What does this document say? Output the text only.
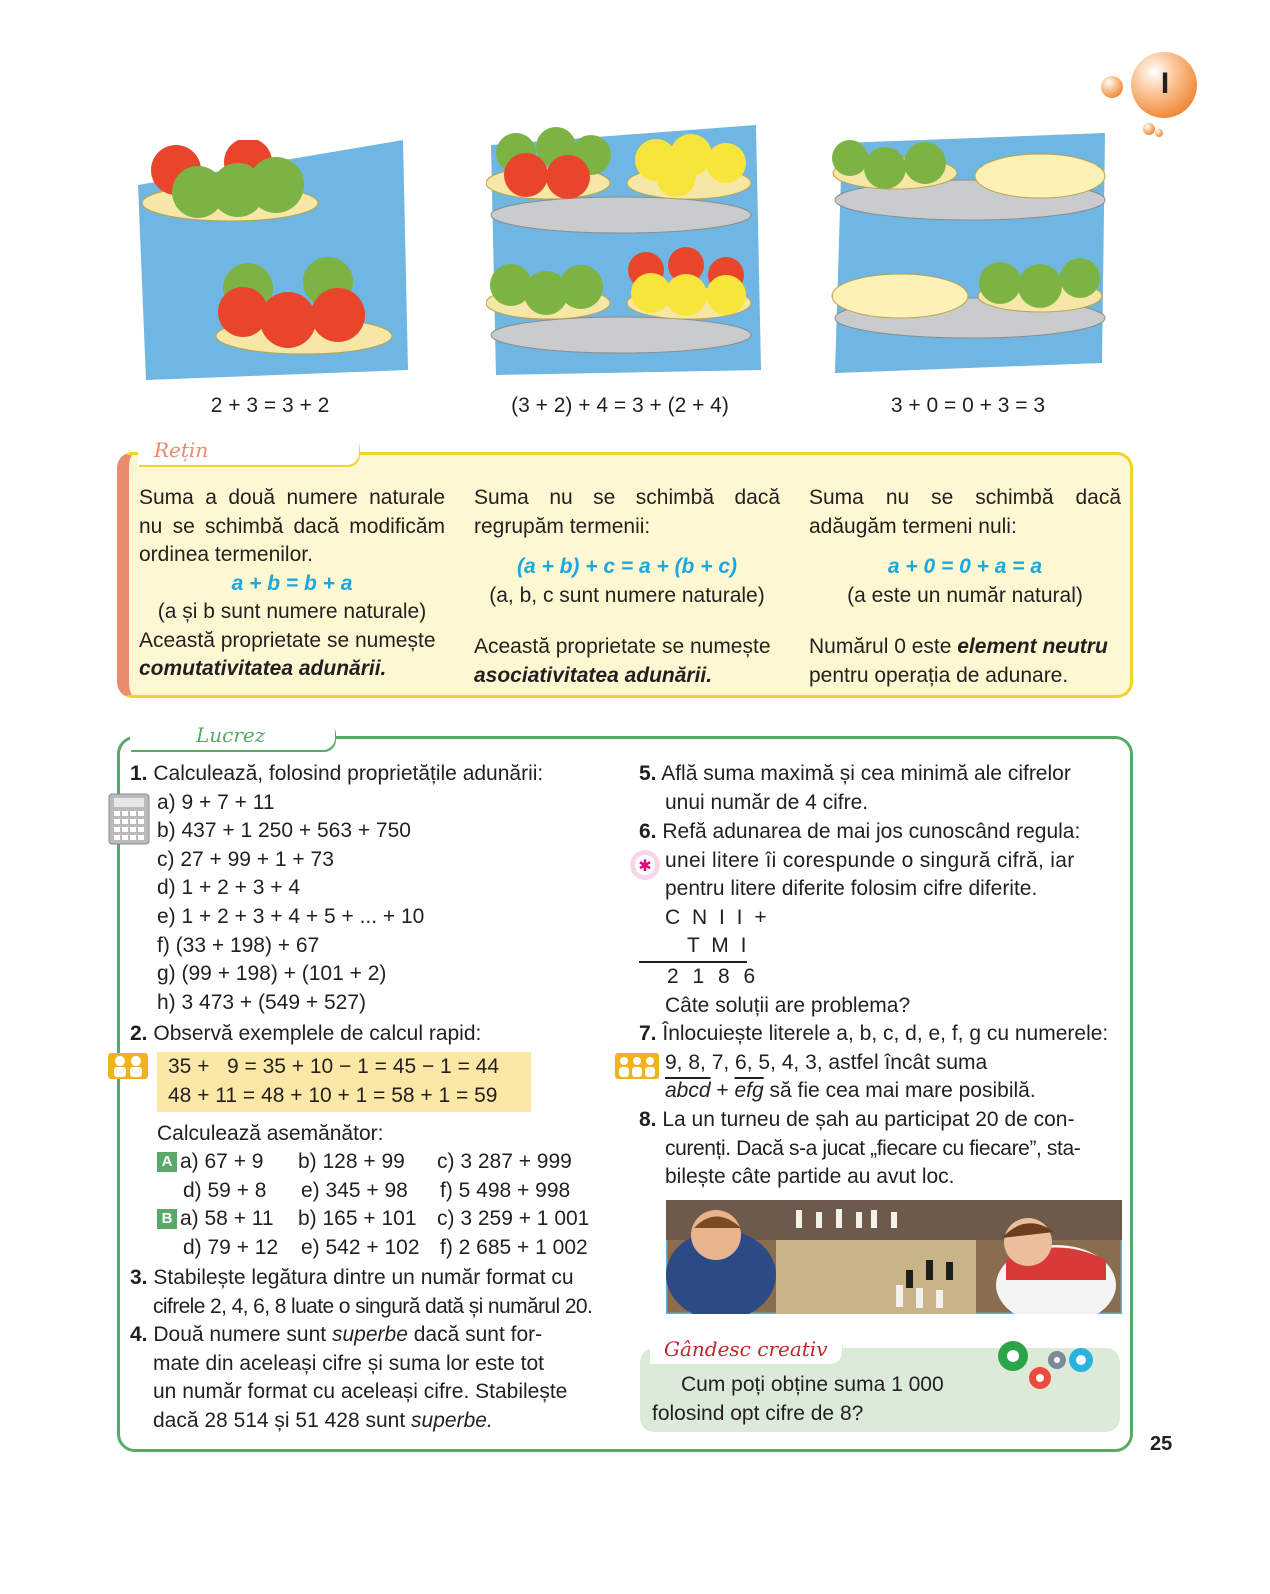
I
2 + 3 = 3 + 2	(3 + 2) + 4 = 3 + (2 + 4)	3 + 0 = 0 + 3 = 3
Rețin
Suma a două numere naturale nu se schimbă dacă modificăm ordinea termenilor.
a + b = b + a
(a și b sunt numere naturale)
Această proprietate se numește
comutativitatea adunării.
Suma nu se schimbă dacă regrupăm termenii:
(a + b) + c = a + (b + c)
(a, b, c sunt numere naturale)
Această proprietate se numește
asociativitatea adunării.
Suma nu se schimbă dacă adăugăm termeni nuli:
a + 0 = 0 + a = a
(a este un număr natural)
Numărul 0 este element neutru
pentru operația de adunare.
Lucrez
1. Calculează, folosind proprietățile adunării:
a) 9 + 7 + 11
b) 437 + 1 250 + 563 + 750
c) 27 + 99 + 1 + 73
d) 1 + 2 + 3 + 4
e) 1 + 2 + 3 + 4 + 5 + ... + 10
f) (33 + 198) + 67
g) (99 + 198) + (101 + 2)
h) 3 473 + (549 + 527)
2. Observă exemplele de calcul rapid:
35 +   9 = 35 + 10 − 1 = 45 − 1 = 44
48 + 11 = 48 + 10 + 1 = 58 + 1 = 59
Calculează asemănător:
A a) 67 + 9	b) 128 + 99	c) 3 287 + 999
d) 59 + 8	e) 345 + 98	f) 5 498 + 998
B a) 58 + 11	b) 165 + 101 c) 3 259 + 1 001
d) 79 + 12	e) 542 + 102 f) 2 685 + 1 002
3. Stabilește legătura dintre un număr format cu
cifrele 2, 4, 6, 8 luate o singură dată și numărul 20.
4. Două numere sunt superbe dacă sunt for-
mate din aceleași cifre și suma lor este tot
un număr format cu aceleași cifre. Stabilește
dacă 28 514 și 51 428 sunt superbe.
5. Află suma maximă și cea minimă ale cifrelor
unui număr de 4 cifre.
6. Refă adunarea de mai jos cunoscând regula:
unei litere îi corespunde o singură cifră, iar
pentru litere diferite folosim cifre diferite.
C N I I +
T M I
2 1 8 6
Câte soluții are problema?
✱
7. Înlocuiește literele a, b, c, d, e, f, g cu numerele:
9, 8, 7, 6, 5, 4, 3, astfel încât suma
abcd + $\overline{efg}$ să fie cea mai mare posibilă.
8. La un turneu de șah au participat 20 de con-
curenți. Dacă s-a jucat „fiecare cu fiecare”, sta-
bilește câte partide au avut loc.
Gândesc creativ
Cum poți obține suma 1 000
folosind opt cifre de 8?
25
